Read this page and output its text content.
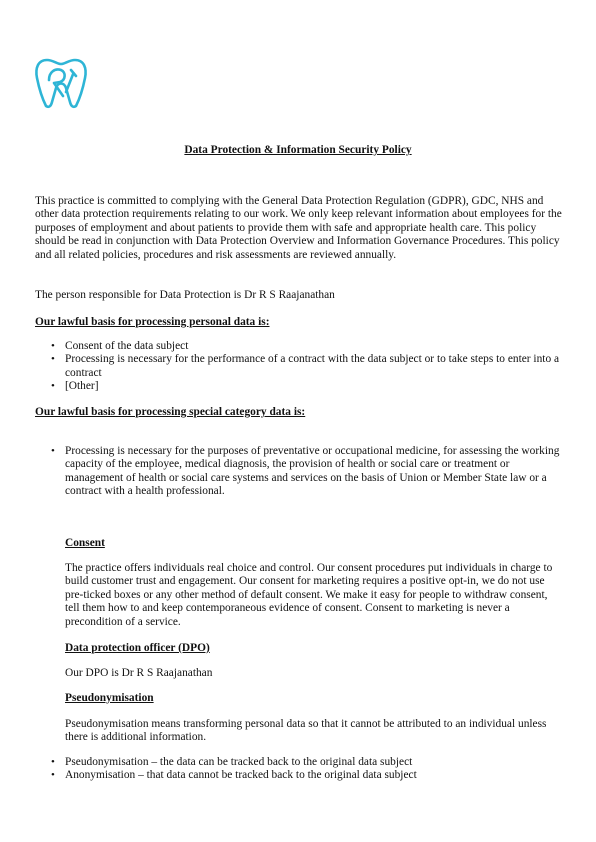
Data Protection & Information Security Policy

This practice is committed to complying with the General Data Protection Regulation (GDPR), GDC, NHS and other data protection requirements relating to our work. We only keep relevant information about employees for the purposes of employment and about patients to provide them with safe and appropriate health care. This policy should be read in conjunction with Data Protection Overview and Information Governance Procedures. This policy and all related policies, procedures and risk assessments are reviewed annually.

The person responsible for Data Protection is Dr R S Raajanathan

Our lawful basis for processing personal data is:
• Consent of the data subject
• Processing is necessary for the performance of a contract with the data subject or to take steps to enter into a contract
• [Other]
Our lawful basis for processing special category data is:
• Processing is necessary for the purposes of preventative or occupational medicine, for assessing the working capacity of the employee, medical diagnosis, the provision of health or social care or treatment or management of health or social care systems and services on the basis of Union or Member State law or a contract with a health professional.
Consent

The practice offers individuals real choice and control. Our consent procedures put individuals in charge to build customer trust and engagement. Our consent for marketing requires a positive opt-in, we do not use pre-ticked boxes or any other method of default consent. We make it easy for people to withdraw consent, tell them how to and keep contemporaneous evidence of consent. Consent to marketing is never a precondition of a service.

Data protection officer (DPO)

Our DPO is Dr R S Raajanathan

Pseudonymisation

Pseudonymisation means transforming personal data so that it cannot be attributed to an individual unless there is additional information.

• Pseudonymisation – the data can be tracked back to the original data subject
• Anonymisation – that data cannot be tracked back to the original data subject
